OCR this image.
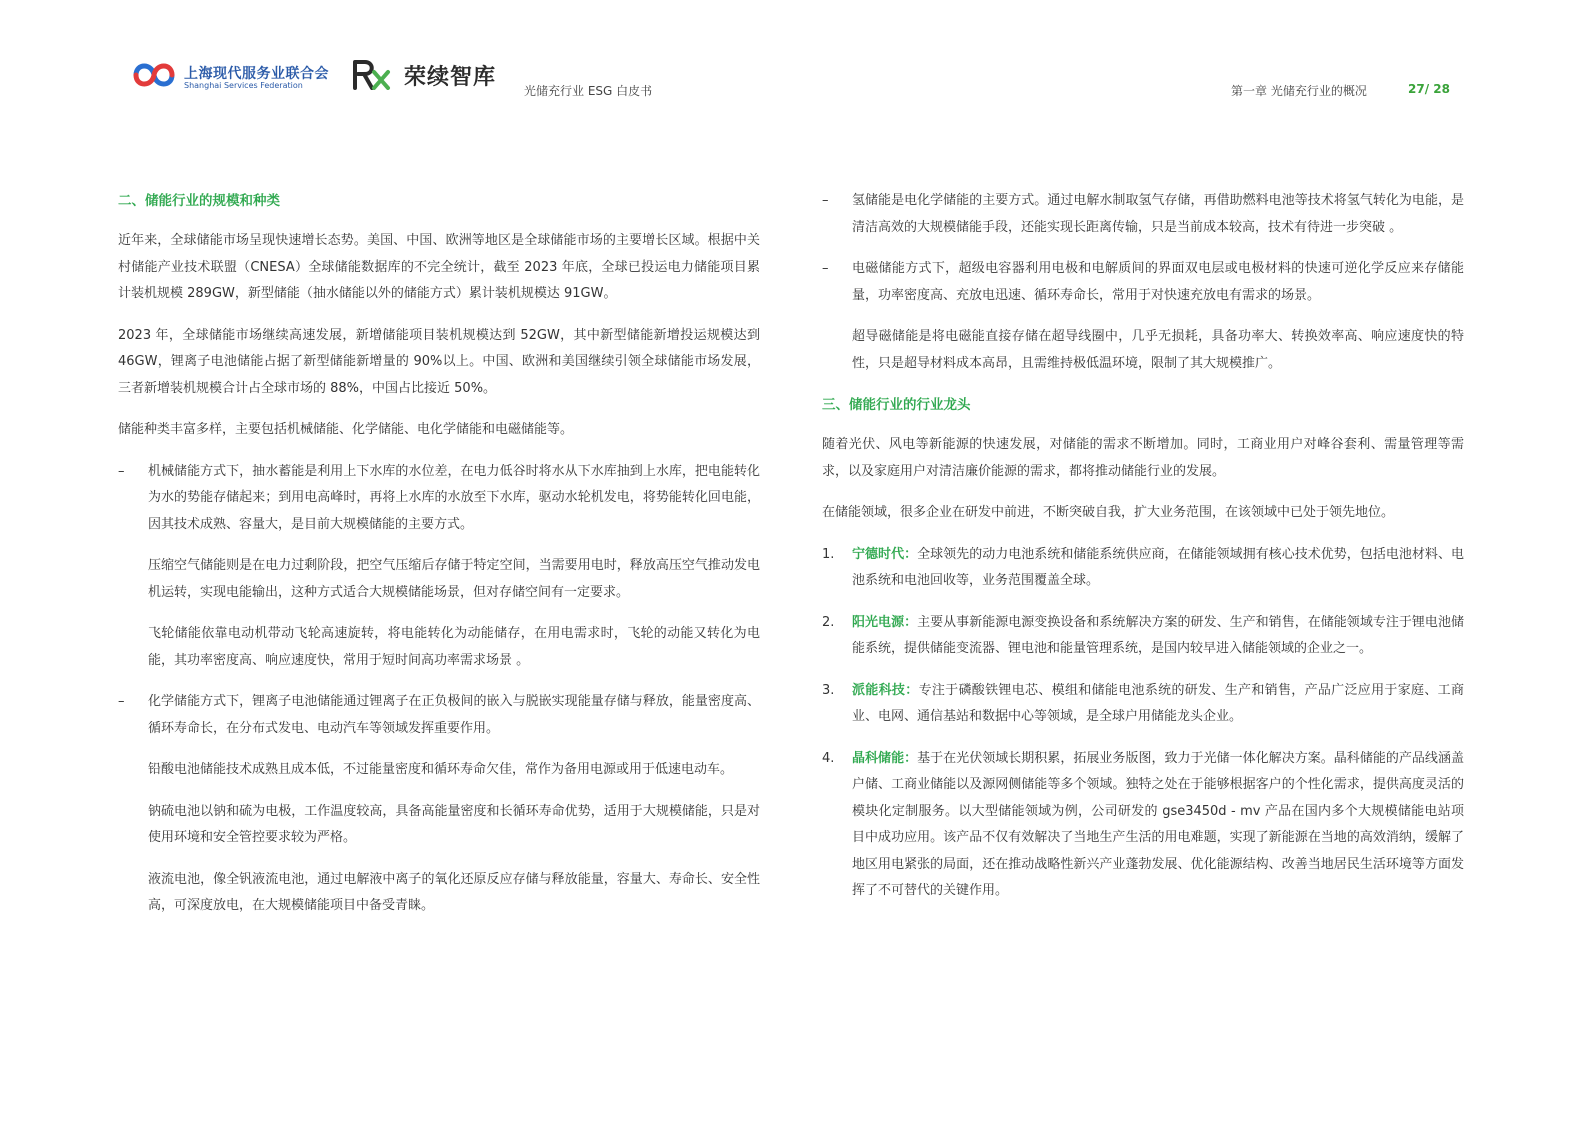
上海现代服务业联合会
Shanghai Services Federation	荣续智库
光储充行业 ESG 白皮书	第一章 光储充行业的概况	27/ 28
二、储能行业的规模和种类

近年来，全球储能市场呈现快速增长态势。美国、中国、欧洲等地区是全球储能市场的主要增长区域。根据中关村储能产业技术联盟（CNESA）全球储能数据库的不完全统计，截至 2023 年底，全球已投运电力储能项目累计装机规模 289GW，新型储能（抽水储能以外的储能方式）累计装机规模达 91GW。

2023 年，全球储能市场继续高速发展，新增储能项目装机规模达到 52GW，其中新型储能新增投运规模达到 46GW，锂离子电池储能占据了新型储能新增量的 90%以上。中国、欧洲和美国继续引领全球储能市场发展，三者新增装机规模合计占全球市场的 88%，中国占比接近 50%。

储能种类丰富多样，主要包括机械储能、化学储能、电化学储能和电磁储能等。

–	机械储能方式下，抽水蓄能是利用上下水库的水位差，在电力低谷时将水从下水库抽到上水库，把电能转化为水的势能存储起来；到用电高峰时，再将上水库的水放至下水库，驱动水轮机发电，将势能转化回电能，因其技术成熟、容量大，是目前大规模储能的主要方式。

压缩空气储能则是在电力过剩阶段，把空气压缩后存储于特定空间，当需要用电时，释放高压空气推动发电机运转，实现电能输出，这种方式适合大规模储能场景，但对存储空间有一定要求。

飞轮储能依靠电动机带动飞轮高速旋转，将电能转化为动能储存，在用电需求时，飞轮的动能又转化为电能，其功率密度高、响应速度快，常用于短时间高功率需求场景 。

–	化学储能方式下，锂离子电池储能通过锂离子在正负极间的嵌入与脱嵌实现能量存储与释放，能量密度高、循环寿命长，在分布式发电、电动汽车等领域发挥重要作用。

铅酸电池储能技术成熟且成本低，不过能量密度和循环寿命欠佳，常作为备用电源或用于低速电动车。

钠硫电池以钠和硫为电极，工作温度较高，具备高能量密度和长循环寿命优势，适用于大规模储能，只是对使用环境和安全管控要求较为严格。

液流电池，像全钒液流电池，通过电解液中离子的氧化还原反应存储与释放能量，容量大、寿命长、安全性高，可深度放电，在大规模储能项目中备受青睐。

–	氢储能是电化学储能的主要方式。通过电解水制取氢气存储，再借助燃料电池等技术将氢气转化为电能，是清洁高效的大规模储能手段，还能实现长距离传输，只是当前成本较高，技术有待进一步突破 。
–	电磁储能方式下，超级电容器利用电极和电解质间的界面双电层或电极材料的快速可逆化学反应来存储能量，功率密度高、充放电迅速、循环寿命长，常用于对快速充放电有需求的场景。

超导磁储能是将电磁能直接存储在超导线圈中，几乎无损耗，具备功率大、转换效率高、响应速度快的特性，只是超导材料成本高昂，且需维持极低温环境，限制了其大规模推广。

三、储能行业的行业龙头

随着光伏、风电等新能源的快速发展，对储能的需求不断增加。同时，工商业用户对峰谷套利、需量管理等需求，以及家庭用户对清洁廉价能源的需求，都将推动储能行业的发展。

在储能领域，很多企业在研发中前进，不断突破自我，扩大业务范围，在该领域中已处于领先地位。

1.	宁德时代：全球领先的动力电池系统和储能系统供应商，在储能领域拥有核心技术优势，包括电池材料、电池系统和电池回收等，业务范围覆盖全球。
2.	阳光电源：主要从事新能源电源变换设备和系统解决方案的研发、生产和销售，在储能领域专注于锂电池储能系统，提供储能变流器、锂电池和能量管理系统，是国内较早进入储能领域的企业之一。
3.	派能科技：专注于磷酸铁锂电芯、模组和储能电池系统的研发、生产和销售，产品广泛应用于家庭、工商业、电网、通信基站和数据中心等领域，是全球户用储能龙头企业。
4.	晶科储能：基于在光伏领域长期积累，拓展业务版图，致力于光储一体化解决方案。晶科储能的产品线涵盖户储、工商业储能以及源网侧储能等多个领域。独特之处在于能够根据客户的个性化需求，提供高度灵活的模块化定制服务。以大型储能领域为例，公司研发的 gse3450d - mv 产品在国内多个大规模储能电站项目中成功应用。该产品不仅有效解决了当地生产生活的用电难题，实现了新能源在当地的高效消纳，缓解了地区用电紧张的局面，还在推动战略性新兴产业蓬勃发展、优化能源结构、改善当地居民生活环境等方面发挥了不可替代的关键作用。
